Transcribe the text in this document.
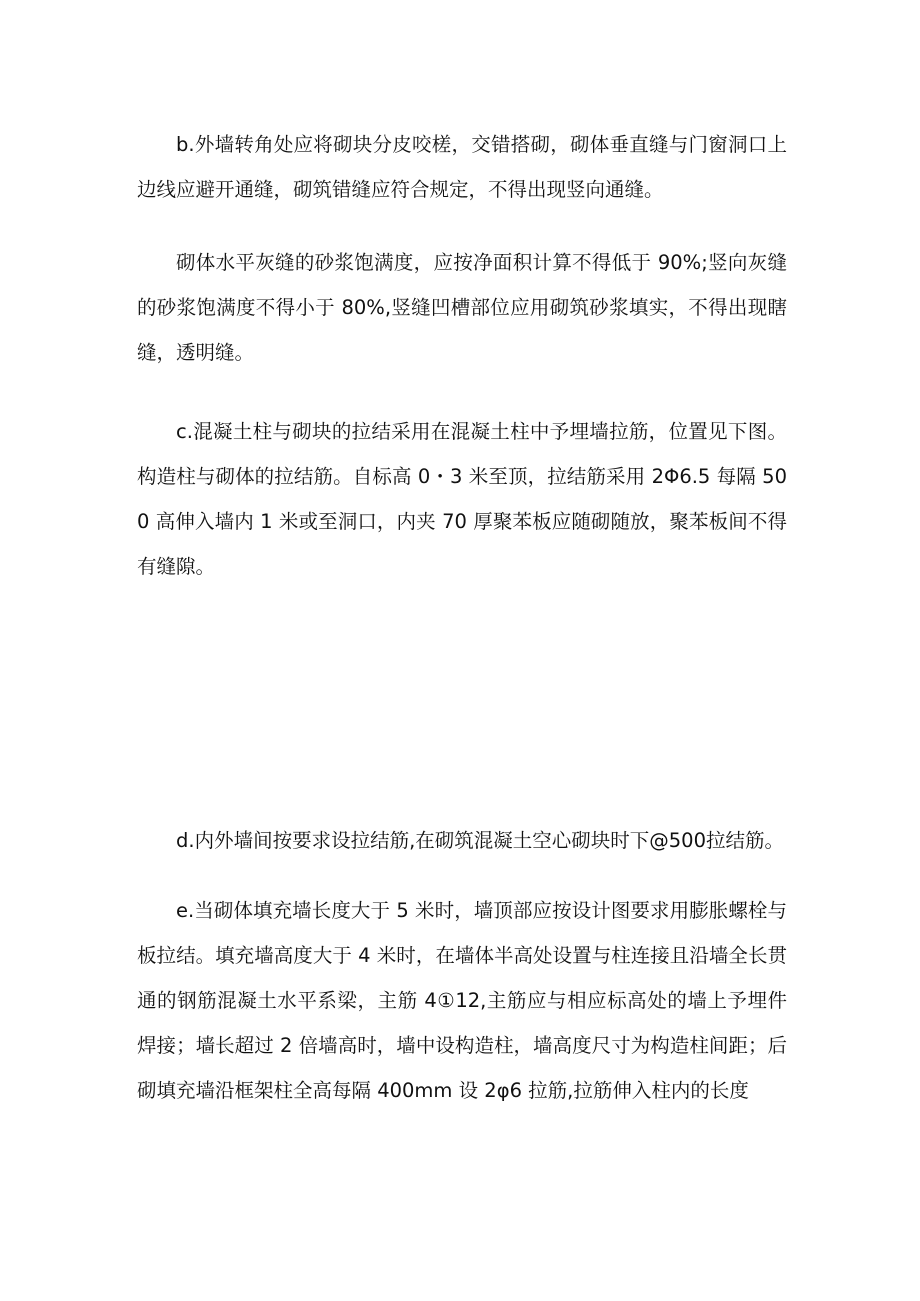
b.外墙转角处应将砌块分皮咬槎，交错搭砌，砌体垂直缝与门窗洞口上边线应避开通缝，砌筑错缝应符合规定，不得出现竖向通缝。

砌体水平灰缝的砂浆饱满度，应按净面积计算不得低于 90%;竖向灰缝的砂浆饱满度不得小于 80%,竖缝凹槽部位应用砌筑砂浆填实，不得出现瞎缝，透明缝。

c.混凝土柱与砌块的拉结采用在混凝土柱中予埋墙拉筋，位置见下图。构造柱与砌体的拉结筋。自标高 0・3 米至顶，拉结筋采用 2Φ6.5 每隔 500 高伸入墙内 1 米或至洞口，内夹 70 厚聚苯板应随砌随放，聚苯板间不得有缝隙。

d.内外墙间按要求设拉结筋,在砌筑混凝土空心砌块时下@500拉结筋。

e.当砌体填充墙长度大于 5 米时，墙顶部应按设计图要求用膨胀螺栓与板拉结。填充墙高度大于 4 米时，在墙体半高处设置与柱连接且沿墙全长贯通的钢筋混凝土水平系梁，主筋 4①12,主筋应与相应标高处的墙上予埋件焊接；墙长超过 2 倍墙高时，墙中设构造柱，墙高度尺寸为构造柱间距；后砌填充墙沿框架柱全高每隔 400mm 设 2φ6 拉筋,拉筋伸入柱内的长度
